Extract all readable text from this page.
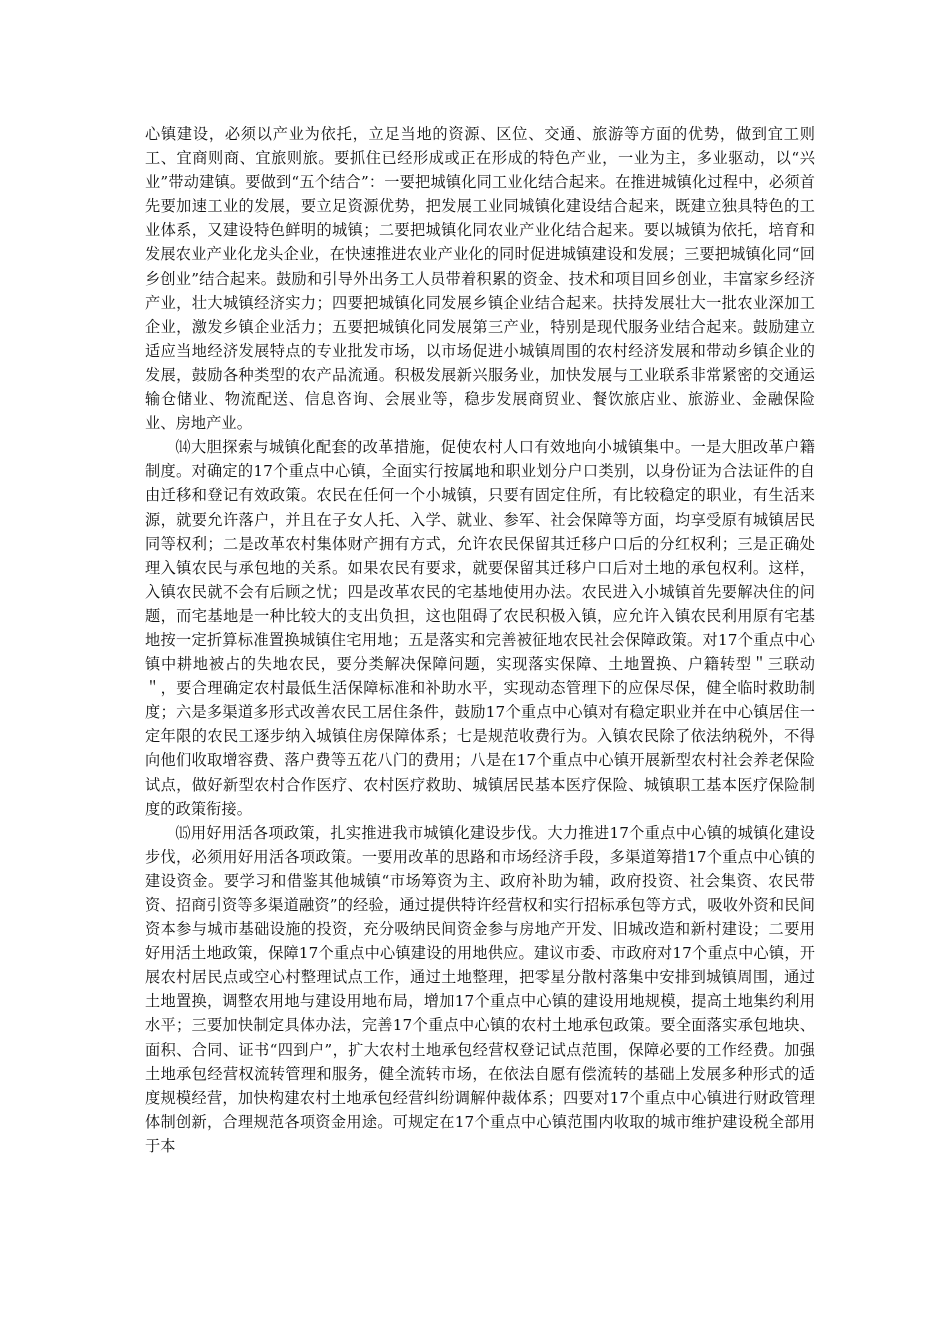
心镇建设，必须以产业为依托，立足当地的资源、区位、交通、旅游等方面的优势，做到宜工则工、宜商则商、宜旅则旅。要抓住已经形成或正在形成的特色产业，一业为主，多业驱动，以“兴业”带动建镇。要做到“五个结合”：一要把城镇化同工业化结合起来。在推进城镇化过程中，必须首先要加速工业的发展，要立足资源优势，把发展工业同城镇化建设结合起来，既建立独具特色的工业体系，又建设特色鲜明的城镇；二要把城镇化同农业产业化结合起来。要以城镇为依托，培育和发展农业产业化龙头企业，在快速推进农业产业化的同时促进城镇建设和发展；三要把城镇化同“回乡创业”结合起来。鼓励和引导外出务工人员带着积累的资金、技术和项目回乡创业，丰富家乡经济产业，壮大城镇经济实力；四要把城镇化同发展乡镇企业结合起来。扶持发展壮大一批农业深加工企业，激发乡镇企业活力；五要把城镇化同发展第三产业，特别是现代服务业结合起来。鼓励建立适应当地经济发展特点的专业批发市场，以市场促进小城镇周围的农村经济发展和带动乡镇企业的发展，鼓励各种类型的农产品流通。积极发展新兴服务业，加快发展与工业联系非常紧密的交通运输仓储业、物流配送、信息咨询、会展业等，稳步发展商贸业、餐饮旅店业、旅游业、金融保险业、房地产业。

⒁大胆探索与城镇化配套的改革措施，促使农村人口有效地向小城镇集中。一是大胆改革户籍制度。对确定的17个重点中心镇，全面实行按属地和职业划分户口类别，以身份证为合法证件的自由迁移和登记有效政策。农民在任何一个小城镇，只要有固定住所，有比较稳定的职业，有生活来源，就要允许落户，并且在子女人托、入学、就业、参军、社会保障等方面，均享受原有城镇居民同等权利；二是改革农村集体财产拥有方式，允许农民保留其迁移户口后的分红权利；三是正确处理入镇农民与承包地的关系。如果农民有要求，就要保留其迁移户口后对土地的承包权利。这样，入镇农民就不会有后顾之忧；四是改革农民的宅基地使用办法。农民进入小城镇首先要解决住的问题，而宅基地是一种比较大的支出负担，这也阻碍了农民积极入镇，应允许入镇农民利用原有宅基地按一定折算标准置换城镇住宅用地；五是落实和完善被征地农民社会保障政策。对17个重点中心镇中耕地被占的失地农民，要分类解决保障问题，实现落实保障、土地置换、户籍转型＂三联动＂，要合理确定农村最低生活保障标准和补助水平，实现动态管理下的应保尽保，健全临时救助制度；六是多渠道多形式改善农民工居住条件，鼓励17个重点中心镇对有稳定职业并在中心镇居住一定年限的农民工逐步纳入城镇住房保障体系；七是规范收费行为。入镇农民除了依法纳税外，不得向他们收取增容费、落户费等五花八门的费用；八是在17个重点中心镇开展新型农村社会养老保险试点，做好新型农村合作医疗、农村医疗救助、城镇居民基本医疗保险、城镇职工基本医疗保险制度的政策衔接。

⒂用好用活各项政策，扎实推进我市城镇化建设步伐。大力推进17个重点中心镇的城镇化建设步伐，必须用好用活各项政策。一要用改革的思路和市场经济手段，多渠道筹措17个重点中心镇的建设资金。要学习和借鉴其他城镇“市场筹资为主、政府补助为辅，政府投资、社会集资、农民带资、招商引资等多渠道融资”的经验，通过提供特许经营权和实行招标承包等方式，吸收外资和民间资本参与城市基础设施的投资，充分吸纳民间资金参与房地产开发、旧城改造和新村建设；二要用好用活土地政策，保障17个重点中心镇建设的用地供应。建议市委、市政府对17个重点中心镇，开展农村居民点或空心村整理试点工作，通过土地整理，把零星分散村落集中安排到城镇周围，通过土地置换，调整农用地与建设用地布局，增加17个重点中心镇的建设用地规模，提高土地集约利用水平；三要加快制定具体办法，完善17个重点中心镇的农村土地承包政策。要全面落实承包地块、面积、合同、证书“四到户”，扩大农村土地承包经营权登记试点范围，保障必要的工作经费。加强土地承包经营权流转管理和服务，健全流转市场，在依法自愿有偿流转的基础上发展多种形式的适度规模经营，加快构建农村土地承包经营纠纷调解仲裁体系；四要对17个重点中心镇进行财政管理体制创新，合理规范各项资金用途。可规定在17个重点中心镇范围内收取的城市维护建设税全部用于本
